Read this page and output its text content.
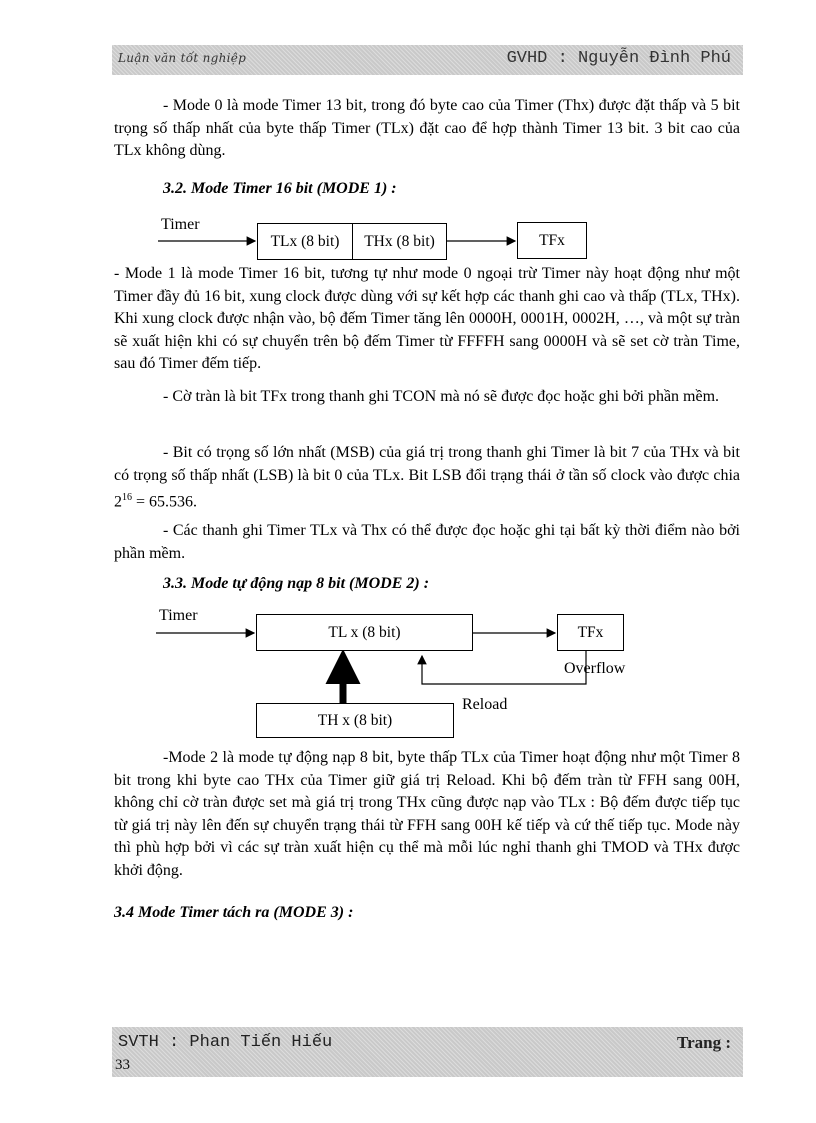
Luận văn tốt nghiệp	GVHD : Nguyễn Đình Phú

- Mode 0 là mode Timer 13 bit, trong đó byte cao của Timer (Thx) được đặt thấp và 5 bit trọng số thấp nhất của byte thấp Timer (TLx) đặt cao để hợp thành Timer 13 bit. 3 bit cao của TLx không dùng.

3.2. Mode Timer 16 bit (MODE 1) :

Timer
TLx (8 bit)	THx (8 bit)	TFx

- Mode 1 là mode Timer 16 bit, tương tự như mode 0 ngoại trừ Timer này hoạt động như một Timer đầy đủ 16 bit, xung clock được dùng với sự kết hợp các thanh ghi cao và thấp (TLx, THx). Khi xung clock được nhận vào, bộ đếm Timer tăng lên 0000H, 0001H, 0002H, …, và một sự tràn sẽ xuất hiện khi có sự chuyển trên bộ đếm Timer từ FFFFH sang 0000H và sẽ set cờ tràn Time, sau đó Timer đếm tiếp.

- Cờ tràn là bit TFx trong thanh ghi TCON mà nó sẽ được đọc hoặc ghi bởi phần mềm.

- Bit có trọng số lớn nhất (MSB) của giá trị trong thanh ghi Timer là bit 7 của THx và bit có trọng số thấp nhất (LSB) là bit 0 của TLx. Bit LSB đổi trạng thái ở tần số clock vào được chia $2^{16} = 65.536$.

- Các thanh ghi Timer TLx và Thx có thể được đọc hoặc ghi tại bất kỳ thời điểm nào bởi phần mềm.

3.3. Mode tự động nạp 8 bit (MODE 2) :

Timer
TL x (8 bit)	TFx
Overflow
Reload
TH x (8 bit)

-Mode 2 là mode tự động nạp 8 bit, byte thấp TLx của Timer hoạt động như một Timer 8 bit trong khi byte cao THx của Timer giữ giá trị Reload. Khi bộ đếm tràn từ FFH sang 00H, không chỉ cờ tràn được set mà giá trị trong THx cũng được nạp vào TLx : Bộ đếm được tiếp tục từ giá trị này lên đến sự chuyển trạng thái từ FFH sang 00H kế tiếp và cứ thế tiếp tục. Mode này thì phù hợp bởi vì các sự tràn xuất hiện cụ thể mà mỗi lúc nghỉ thanh ghi TMOD và THx được khởi động.

3.4 Mode Timer tách ra (MODE 3) :

SVTH : Phan Tiến Hiếu	Trang :
33
